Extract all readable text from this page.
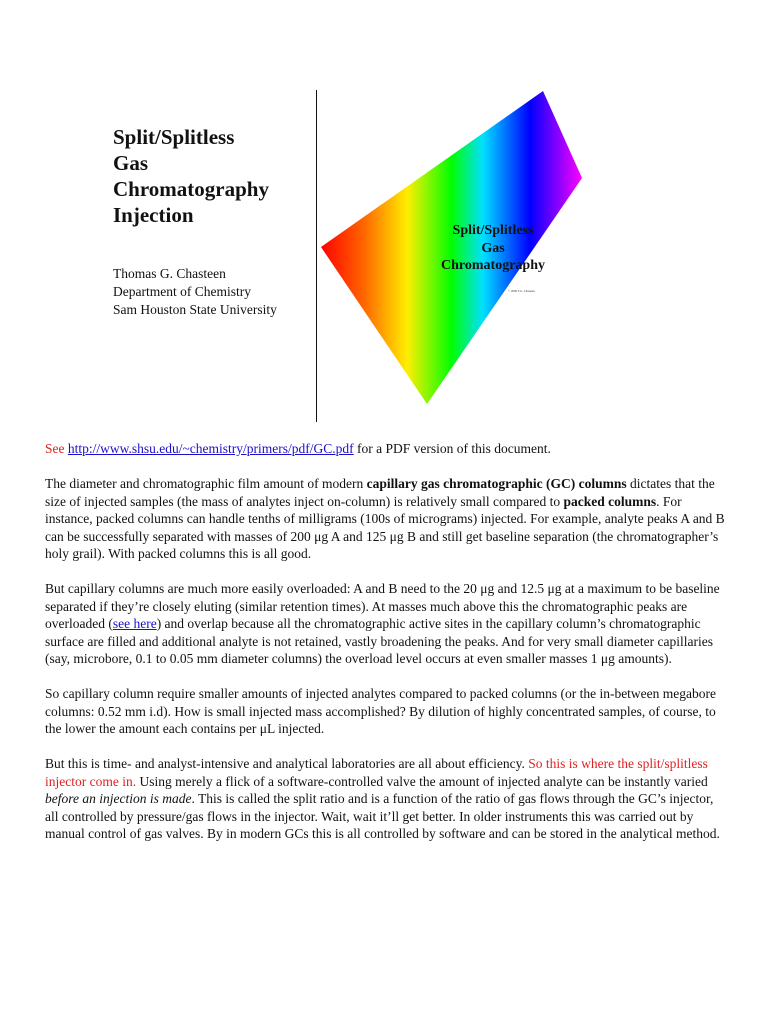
Split/Splitless
Gas
Chromatography
Injection
Thomas G. Chasteen
Department of Chemistry
Sam Houston State University
Split/Splitless
Gas
Chromatography
© 2000 T.G. Chasteen

See http://www.shsu.edu/~chemistry/primers/pdf/GC.pdf for a PDF version of this document.

The diameter and chromatographic film amount of modern capillary gas chromatographic (GC) columns dictates that the size of injected samples (the mass of analytes inject on-column) is relatively small compared to packed columns. For instance, packed columns can handle tenths of milligrams (100s of micrograms) injected. For example, analyte peaks A and B can be successfully separated with masses of 200 μg A and 125 μg B and still get baseline separation (the chromatographer’s holy grail). With packed columns this is all good.

But capillary columns are much more easily overloaded: A and B need to the 20 μg and 12.5 μg at a maximum to be baseline separated if they’re closely eluting (similar retention times). At masses much above this the chromatographic peaks are overloaded (see here) and overlap because all the chromatographic active sites in the capillary column’s chromatographic surface are filled and additional analyte is not retained, vastly broadening the peaks. And for very small diameter capillaries (say, microbore, 0.1 to 0.05 mm diameter columns) the overload level occurs at even smaller masses 1 μg amounts).

So capillary column require smaller amounts of injected analytes compared to packed columns (or the in-between megabore columns: 0.52 mm i.d). How is small injected mass accomplished? By dilution of highly concentrated samples, of course, to the lower the amount each contains per μL injected.

But this is time- and analyst-intensive and analytical laboratories are all about efficiency. So this is where the split/splitless injector come in. Using merely a flick of a software-controlled valve the amount of injected analyte can be instantly varied before an injection is made. This is called the split ratio and is a function of the ratio of gas flows through the GC’s injector, all controlled by pressure/gas flows in the injector. Wait, wait it’ll get better. In older instruments this was carried out by manual control of gas valves. By in modern GCs this is all controlled by software and can be stored in the analytical method.
